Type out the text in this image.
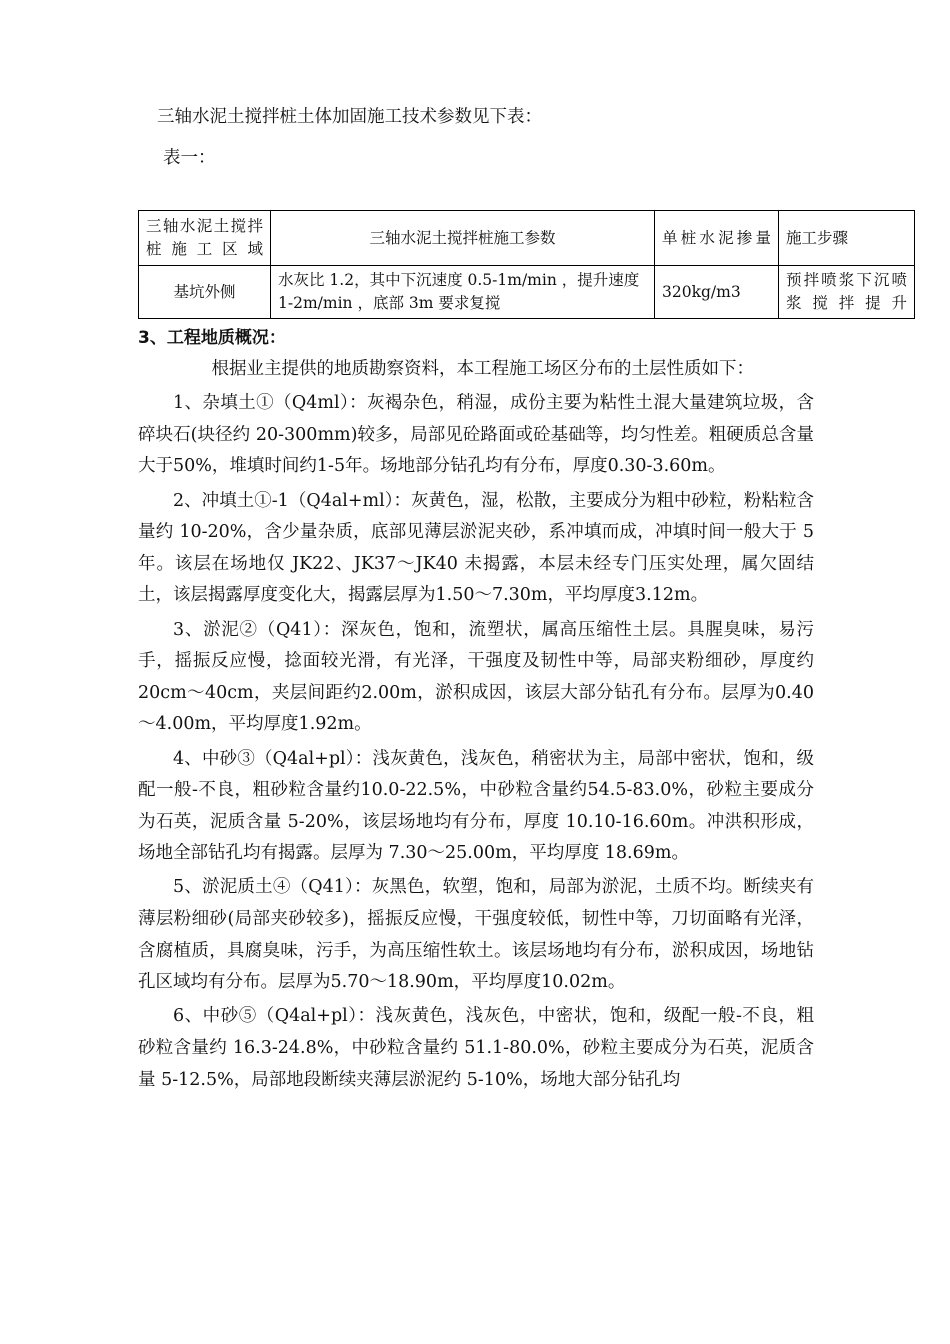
三轴水泥土搅拌桩土体加固施工技术参数见下表：
表一：
三轴水泥土搅拌桩施工区域	三轴水泥土搅拌桩施工参数	单桩水泥掺量	施工步骤
基坑外侧	水灰比 1.2，其中下沉速度 0.5-1m/min ，提升速度 1-2m/min ，底部 3m 要求复搅	320kg/m3	预拌喷浆下沉喷浆搅拌提升
3、工程地质概况：

根据业主提供的地质勘察资料，本工程施工场区分布的土层性质如下：

1、杂填土①（Q4ml）：灰褐杂色，稍湿，成份主要为粘性土混大量建筑垃圾，含碎块石(块径约 20-300mm)较多，局部见砼路面或砼基础等，均匀性差。粗硬质总含量大于50%，堆填时间约1-5年。场地部分钻孔均有分布，厚度0.30-3.60m。

2、冲填土①-1（Q4al+ml）：灰黄色，湿，松散，主要成分为粗中砂粒，粉粘粒含量约 10-20%，含少量杂质，底部见薄层淤泥夹砂，系冲填而成，冲填时间一般大于 5 年。该层在场地仅 JK22、JK37～JK40 未揭露，本层未经专门压实处理，属欠固结土，该层揭露厚度变化大，揭露层厚为1.50～7.30m，平均厚度3.12m。

3、淤泥②（Q41）：深灰色，饱和，流塑状，属高压缩性土层。具腥臭味，易污手，摇振反应慢，捻面较光滑，有光泽，干强度及韧性中等，局部夹粉细砂，厚度约20cm～40cm，夹层间距约2.00m，淤积成因，该层大部分钻孔有分布。层厚为0.40～4.00m，平均厚度1.92m。

4、中砂③（Q4al+pl）：浅灰黄色，浅灰色，稍密状为主，局部中密状，饱和，级配一般-不良，粗砂粒含量约10.0-22.5%，中砂粒含量约54.5-83.0%，砂粒主要成分为石英，泥质含量 5-20%，该层场地均有分布，厚度 10.10-16.60m。冲洪积形成，场地全部钻孔均有揭露。层厚为 7.30～25.00m，平均厚度 18.69m。

5、淤泥质土④（Q41）：灰黑色，软塑，饱和，局部为淤泥，土质不均。断续夹有薄层粉细砂(局部夹砂较多)，摇振反应慢，干强度较低，韧性中等，刀切面略有光泽，含腐植质，具腐臭味，污手，为高压缩性软土。该层场地均有分布，淤积成因，场地钻孔区域均有分布。层厚为5.70～18.90m，平均厚度10.02m。

6、中砂⑤（Q4al+pl）：浅灰黄色，浅灰色，中密状，饱和，级配一般-不良，粗砂粒含量约 16.3-24.8%，中砂粒含量约 51.1-80.0%，砂粒主要成分为石英，泥质含量 5-12.5%，局部地段断续夹薄层淤泥约 5-10%，场地大部分钻孔均
